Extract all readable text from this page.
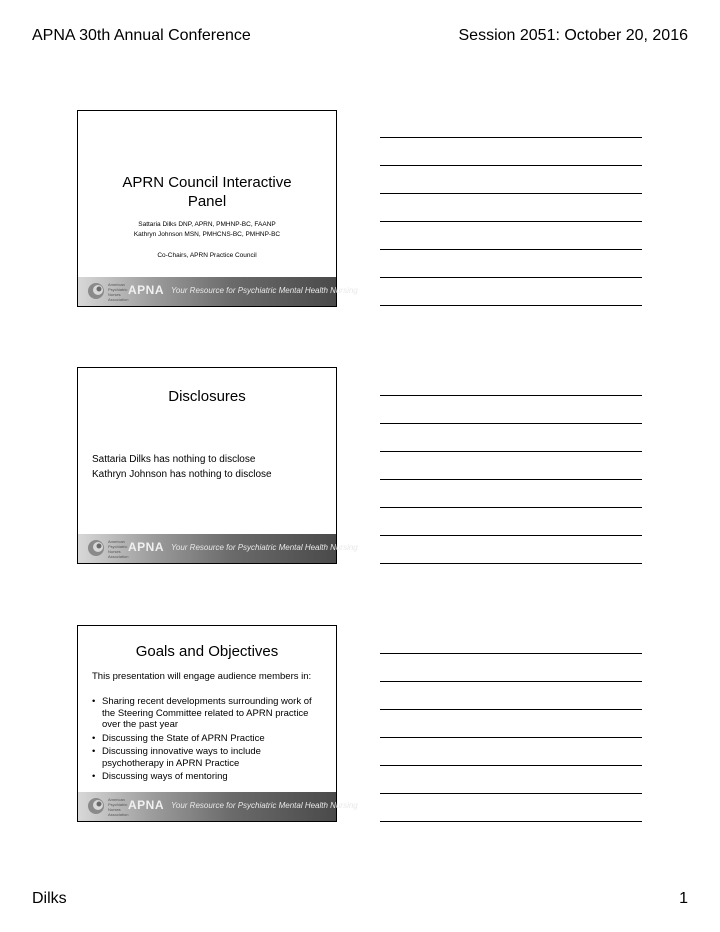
APNA 30th Annual Conference	Session 2051: October 20, 2016
APRN Council Interactive
Panel
Sattaria Dilks DNP, APRN, PMHNP-BC, FAANP
Kathryn Johnson MSN, PMHCNS-BC, PMHNP-BC
Co-Chairs, APRN Practice Council
American Psychiatric Nurses Association
APNA Your Resource for Psychiatric Mental Health Nursing
Disclosures
Sattaria Dilks has nothing to disclose
Kathryn Johnson has nothing to disclose
American Psychiatric Nurses Association
APNA Your Resource for Psychiatric Mental Health Nursing
Goals and Objectives
This presentation will engage audience members in:
• Sharing recent developments surrounding work of the Steering Committee related to APRN practice over the past year
• Discussing the State of APRN Practice
• Discussing innovative ways to include psychotherapy in APRN Practice
• Discussing ways of mentoring
American Psychiatric Nurses Association
APNA Your Resource for Psychiatric Mental Health Nursing
Dilks	1
